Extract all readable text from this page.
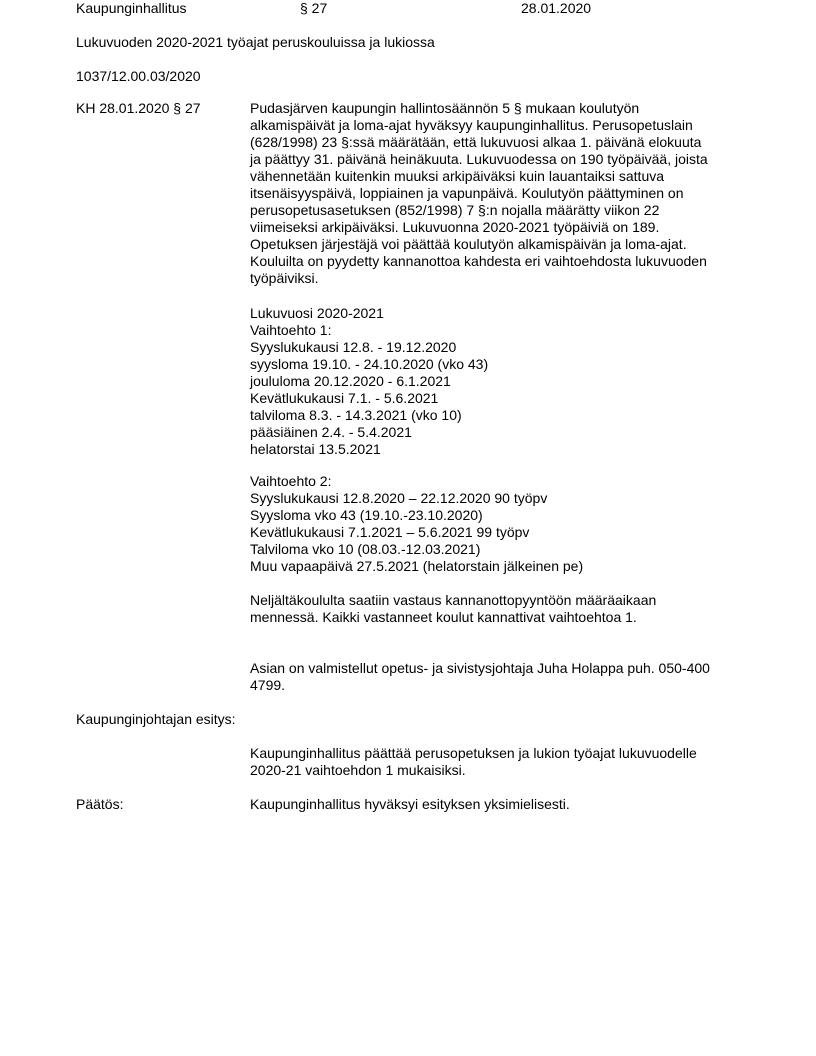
Kaupunginhallitus	§ 27	28.01.2020
Lukuvuoden 2020-2021 työajat peruskouluissa ja lukiossa
1037/12.00.03/2020
KH 28.01.2020 § 27	Pudasjärven kaupungin hallintosäännön 5 § mukaan koulutyön
alkamispäivät ja loma-ajat hyväksyy kaupunginhallitus. Perusopetuslain
(628/1998) 23 §:ssä määrätään, että lukuvuosi alkaa 1. päivänä elokuuta
ja päättyy 31. päivänä heinäkuuta. Lukuvuodessa on 190 työpäivää, joista
vähennetään kuitenkin muuksi arkipäiväksi kuin lauantaiksi sattuva
itsenäisyyspäivä, loppiainen ja vapunpäivä. Koulutyön päättyminen on
perusopetusasetuksen (852/1998) 7 §:n nojalla määrätty viikon 22
viimeiseksi arkipäiväksi. Lukuvuonna 2020-2021 työpäiviä on 189.
Opetuksen järjestäjä voi päättää koulutyön alkamispäivän ja loma-ajat.
Kouluilta on pyydetty kannanottoa kahdesta eri vaihtoehdosta lukuvuoden
työpäiviksi.
Lukuvuosi 2020-2021
Vaihtoehto 1:
Syyslukukausi 12.8. - 19.12.2020
syysloma 19.10. - 24.10.2020 (vko 43)
joululoma 20.12.2020 - 6.1.2021
Kevätlukukausi 7.1. - 5.6.2021
talviloma 8.3. - 14.3.2021 (vko 10)
pääsiäinen 2.4. - 5.4.2021
helatorstai 13.5.2021
Vaihtoehto 2:
Syyslukukausi 12.8.2020 – 22.12.2020 90 työpv
Syysloma vko 43 (19.10.-23.10.2020)
Kevätlukukausi 7.1.2021 – 5.6.2021 99 työpv
Talviloma vko 10 (08.03.-12.03.2021)
Muu vapaapäivä 27.5.2021 (helatorstain jälkeinen pe)
Neljältäkoululta saatiin vastaus kannanottopyyntöön määräaikaan
mennessä. Kaikki vastanneet koulut kannattivat vaihtoehtoa 1.
Asian on valmistellut opetus- ja sivistysjohtaja Juha Holappa puh. 050-400
4799.
Kaupunginjohtajan esitys:
Kaupunginhallitus päättää perusopetuksen ja lukion työajat lukuvuodelle
2020-21 vaihtoehdon 1 mukaisiksi.
Päätös:	Kaupunginhallitus hyväksyi esityksen yksimielisesti.
